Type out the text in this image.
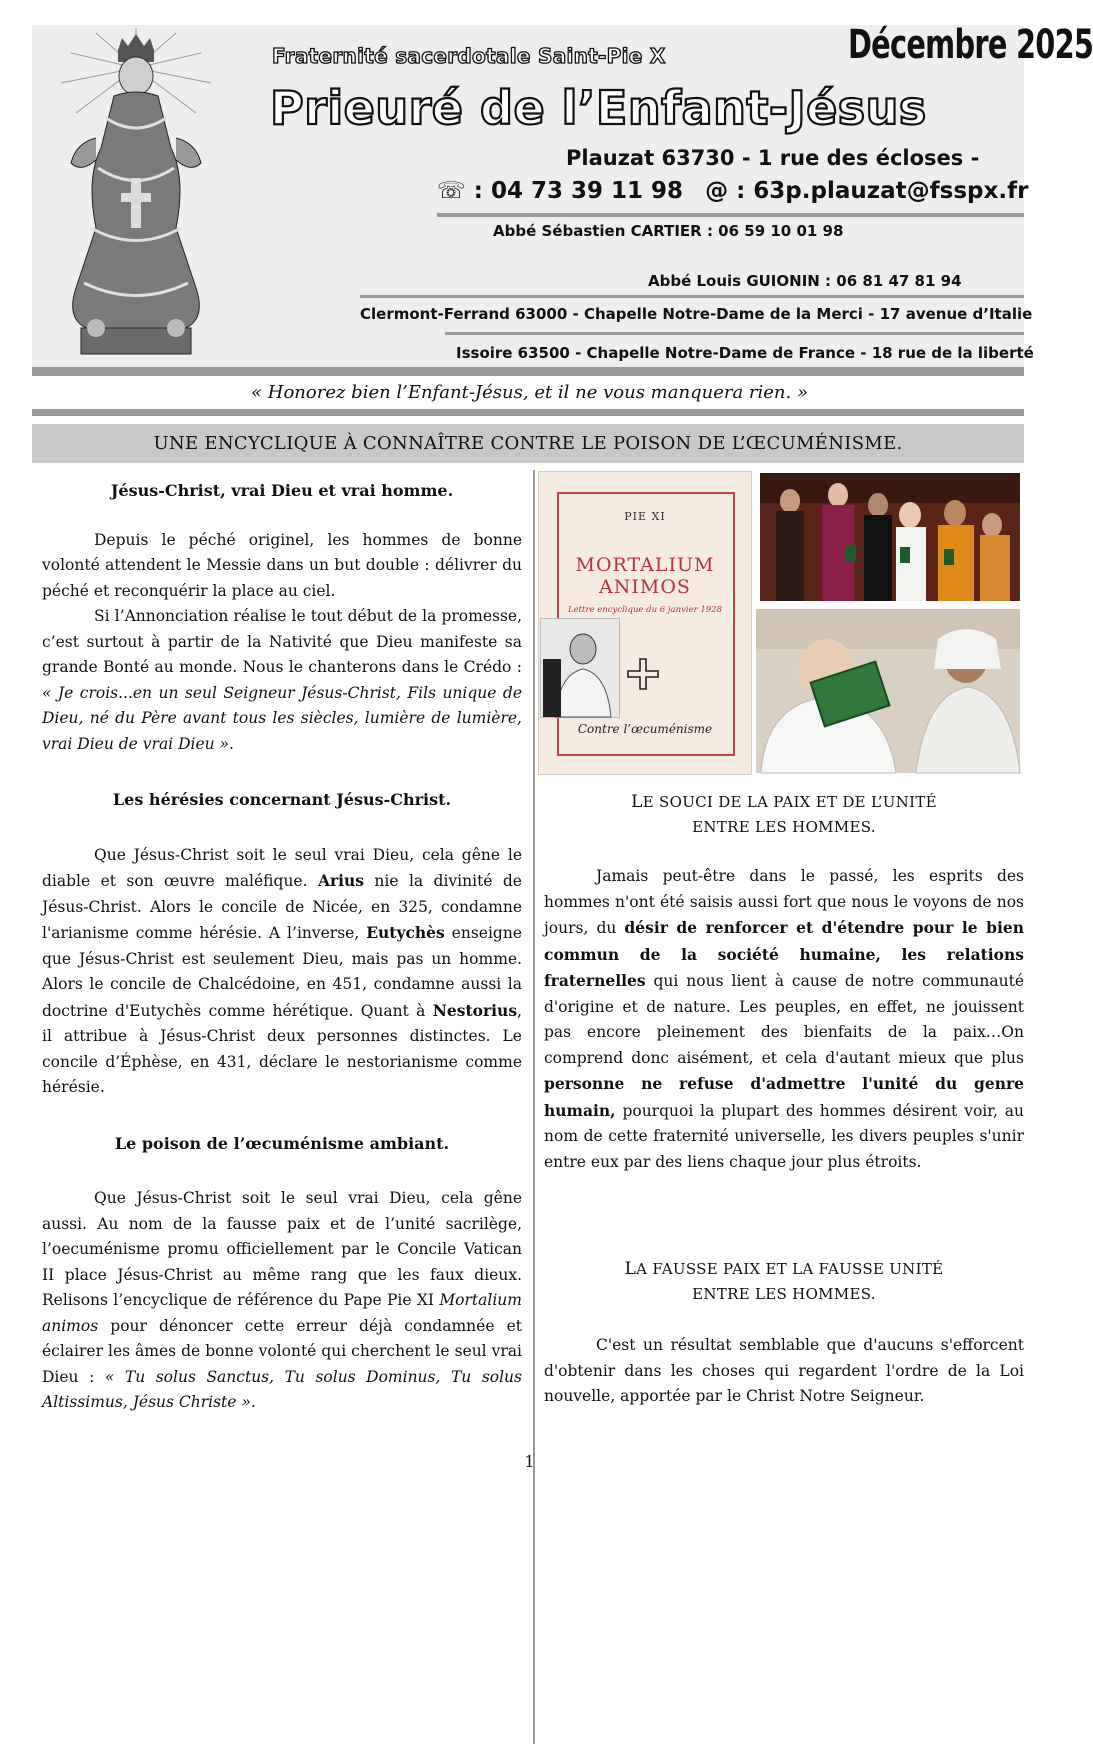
Fraternité sacerdotale Saint-Pie X	Décembre 2025
Prieuré de l’Enfant-Jésus
Plauzat 63730 - 1 rue des écloses -
☏ : 04 73 39 11 98 @ : 63p.plauzat@fsspx.fr
Abbé Sébastien CARTIER : 06 59 10 01 98
Abbé Louis GUIONIN : 06 81 47 81 94
Clermont-Ferrand 63000 - Chapelle Notre-Dame de la Merci - 17 avenue d’Italie
Issoire 63500 - Chapelle Notre-Dame de France - 18 rue de la liberté
« Honorez bien l’Enfant-Jésus, et il ne vous manquera rien. »
UNE ENCYCLIQUE À CONNAÎTRE CONTRE LE POISON DE L’ŒCUMÉNISME.

Jésus-Christ, vrai Dieu et vrai homme.

Depuis le péché originel, les hommes de bonne volonté attendent le Messie dans un but double : délivrer du péché et reconquérir la place au ciel.

Si l’Annonciation réalise le tout début de la promesse, c’est surtout à partir de la Nativité que Dieu manifeste sa grande Bonté au monde. Nous le chanterons dans le Crédo : « Je crois...en un seul Seigneur Jésus-Christ, Fils unique de Dieu, né du Père avant tous les siècles, lumière de lumière, vrai Dieu de vrai Dieu ».

Les hérésies concernant Jésus-Christ.

Que Jésus-Christ soit le seul vrai Dieu, cela gêne le diable et son œuvre maléfique. Arius nie la divinité de Jésus-Christ. Alors le concile de Nicée, en 325, condamne l'arianisme comme hérésie. A l’inverse, Eutychès enseigne que Jésus-Christ est seulement Dieu, mais pas un homme. Alors le concile de Chalcédoine, en 451, condamne aussi la doctrine d'Eutychès comme hérétique. Quant à Nestorius, il attribue à Jésus-Christ deux personnes distinctes. Le concile d’Éphèse, en 431, déclare le nestorianisme comme hérésie.

Le poison de l’œcuménisme ambiant.

Que Jésus-Christ soit le seul vrai Dieu, cela gêne aussi. Au nom de la fausse paix et de l’unité sacrilège, l’oecuménisme promu officiellement par le Concile Vatican II place Jésus-Christ au même rang que les faux dieux. Relisons l’encyclique de référence du Pape Pie XI Mortalium animos pour dénoncer cette erreur déjà condamnée et éclairer les âmes de bonne volonté qui cherchent le seul vrai Dieu : « Tu solus Sanctus, Tu solus Dominus, Tu solus Altissimus, Jésus Christe ».

PIE XI
MORTALIUM
ANIMOS
Lettre encyclique du 6 janvier 1928
Contre l’œcuménisme
LE SOUCI DE LA PAIX ET DE L’UNITÉ
ENTRE LES HOMMES.

Jamais peut-être dans le passé, les esprits des hommes n'ont été saisis aussi fort que nous le voyons de nos jours, du désir de renforcer et d'étendre pour le bien commun de la société humaine, les relations fraternelles qui nous lient à cause de notre communauté d'origine et de nature. Les peuples, en effet, ne jouissent pas encore pleinement des bienfaits de la paix…On comprend donc aisément, et cela d'autant mieux que plus personne ne refuse d'admettre l'unité du genre humain, pourquoi la plupart des hommes désirent voir, au nom de cette fraternité universelle, les divers peuples s'unir entre eux par des liens chaque jour plus étroits.

LA FAUSSE PAIX ET LA FAUSSE UNITÉ
ENTRE LES HOMMES.

C'est un résultat semblable que d'aucuns s'efforcent d'obtenir dans les choses qui regardent l'ordre de la Loi nouvelle, apportée par le Christ Notre Seigneur.

1
